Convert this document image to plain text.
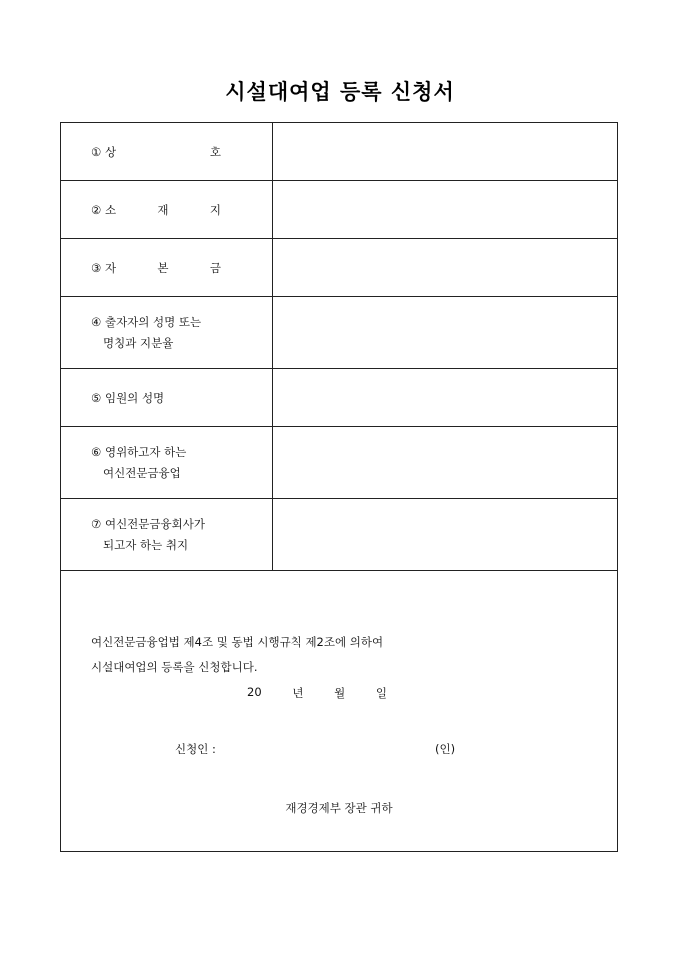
시설대여업 등록 신청서
① 상	호
② 소	재	지
③ 자	본	금
④ 출자자의 성명 또는
명칭과 지분율
⑤ 임원의 성명
⑥ 영위하고자 하는
여신전문금융업
⑦ 여신전문금융회사가
되고자 하는 취지
여신전문금융업법 제4조 및 동법 시행규칙 제2조에 의하여
시설대여업의 등록을 신청합니다.
20	년	월	일
신청인 :	(인)
재경경제부 장관 귀하
